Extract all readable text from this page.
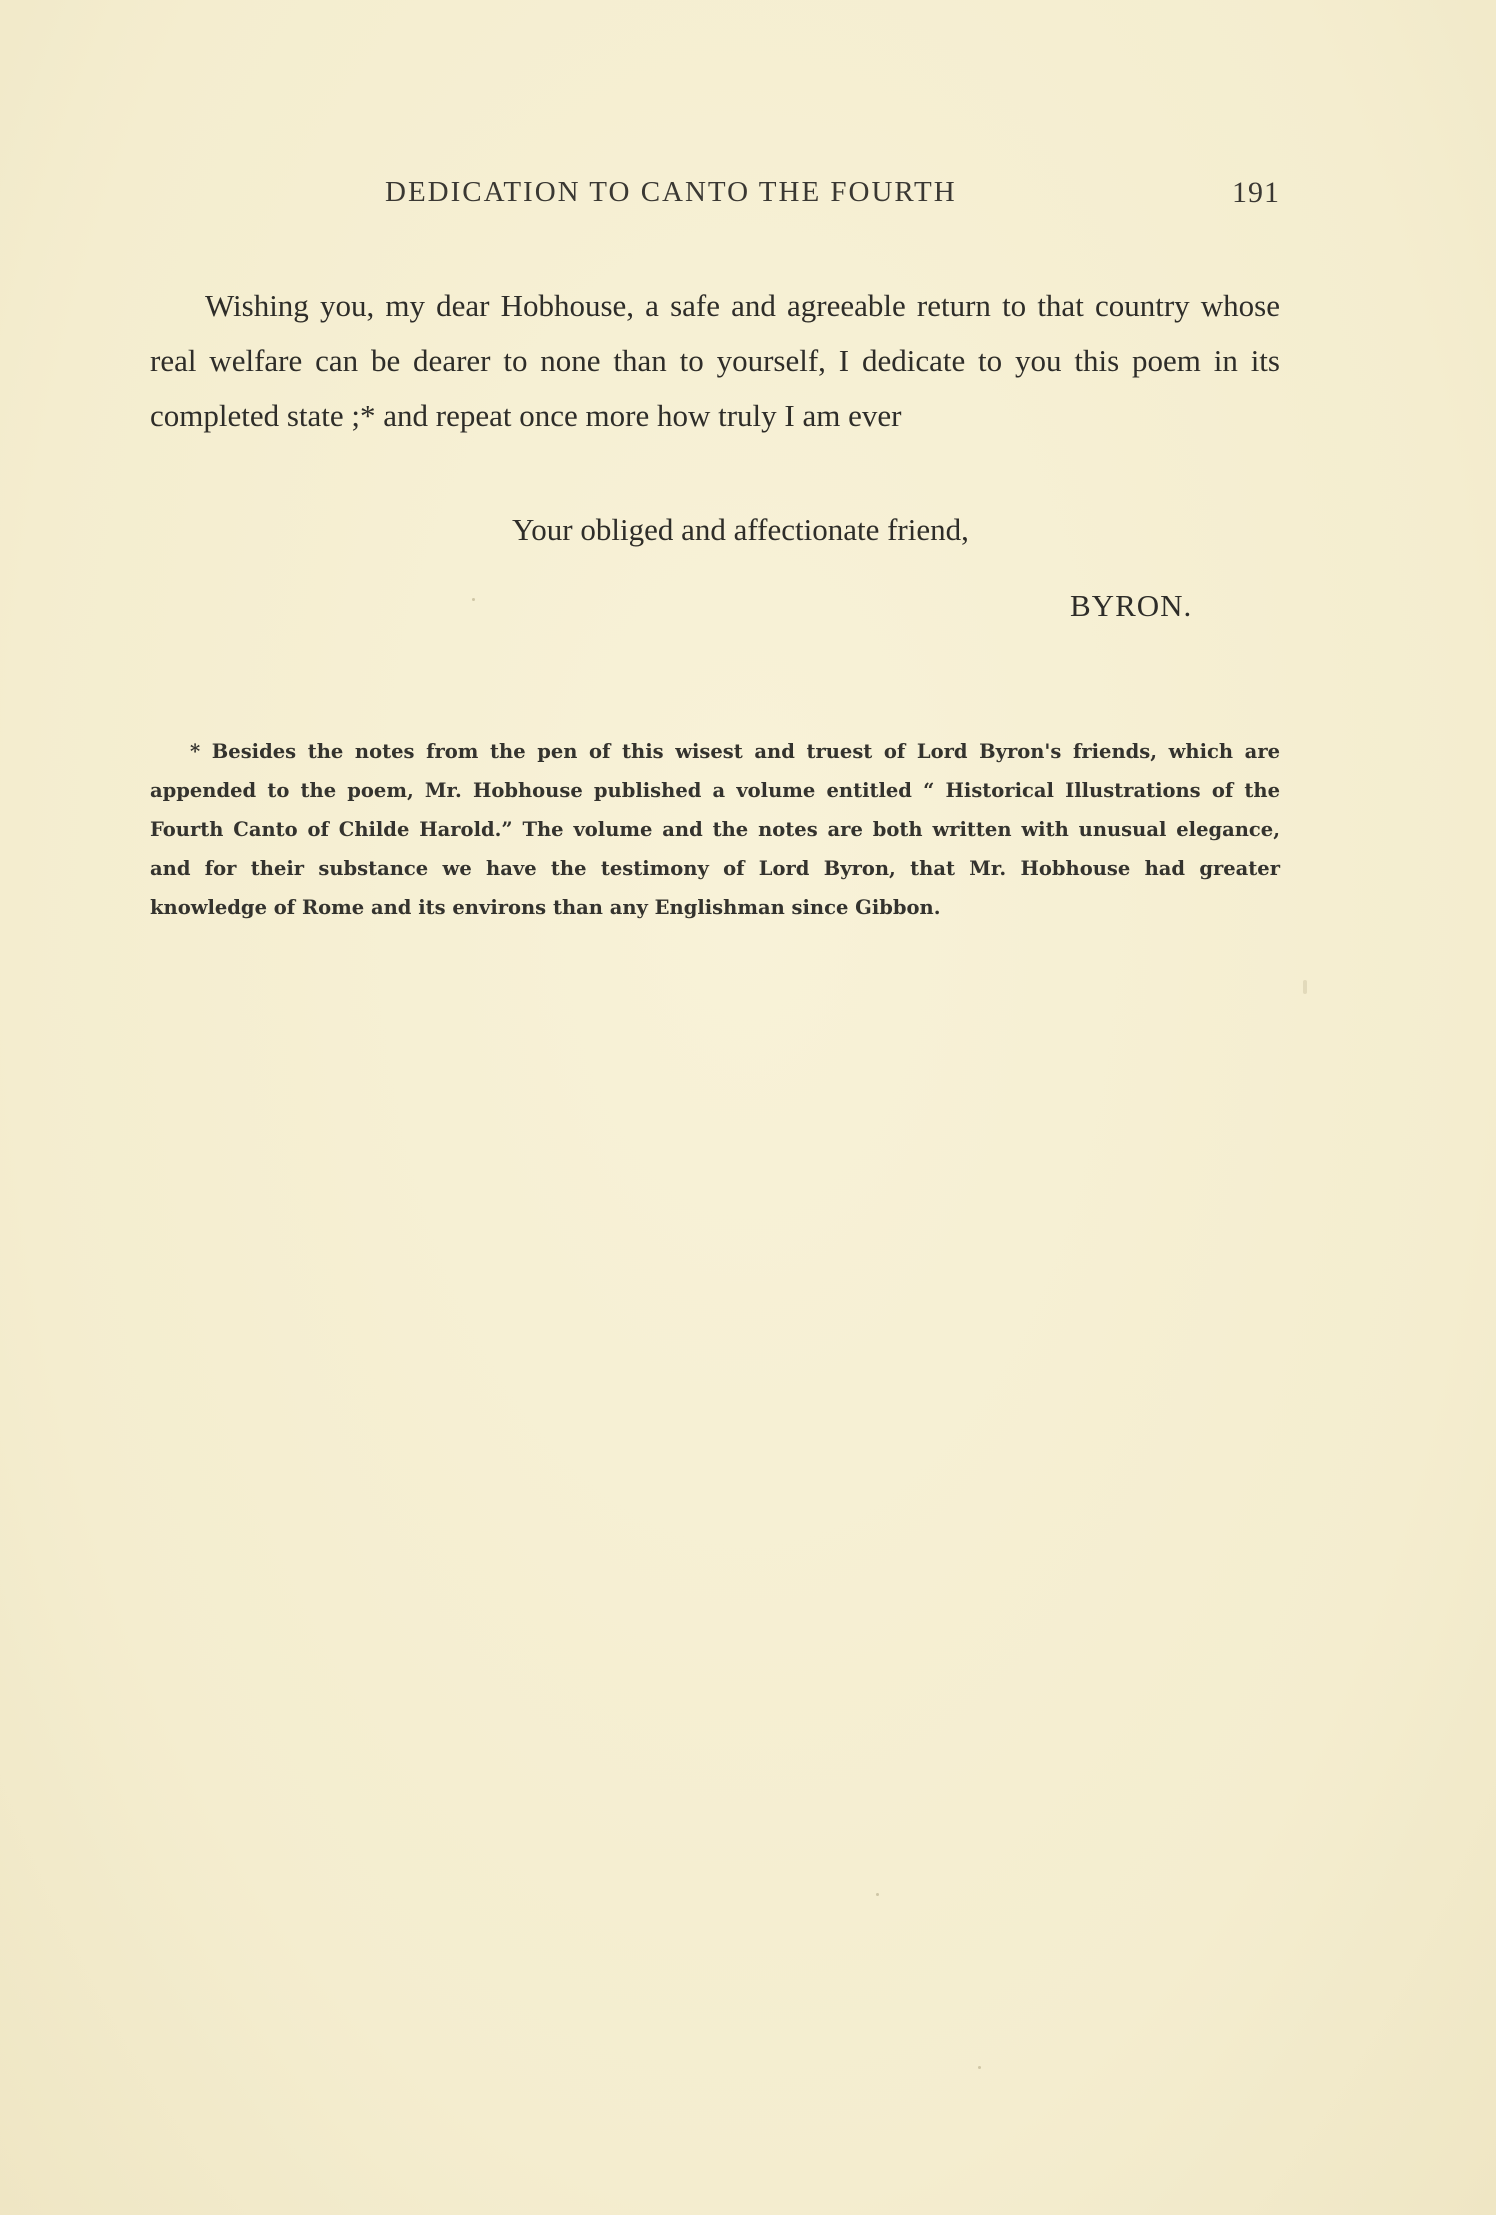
DEDICATION TO CANTO THE FOURTH	191

Wishing you, my dear Hobhouse, a safe and agreeable return to that country whose real welfare can be dearer to none than to yourself, I dedicate to you this poem in its completed state ;* and repeat once more how truly I am ever

Your obliged and affectionate friend,
BYRON.

* Besides the notes from the pen of this wisest and truest of Lord Byron's friends, which are appended to the poem, Mr. Hobhouse published a volume entitled “ Historical Illustrations of the Fourth Canto of Childe Harold.” The volume and the notes are both written with unusual elegance, and for their substance we have the testimony of Lord Byron, that Mr. Hobhouse had greater knowledge of Rome and its environs than any Englishman since Gibbon.
